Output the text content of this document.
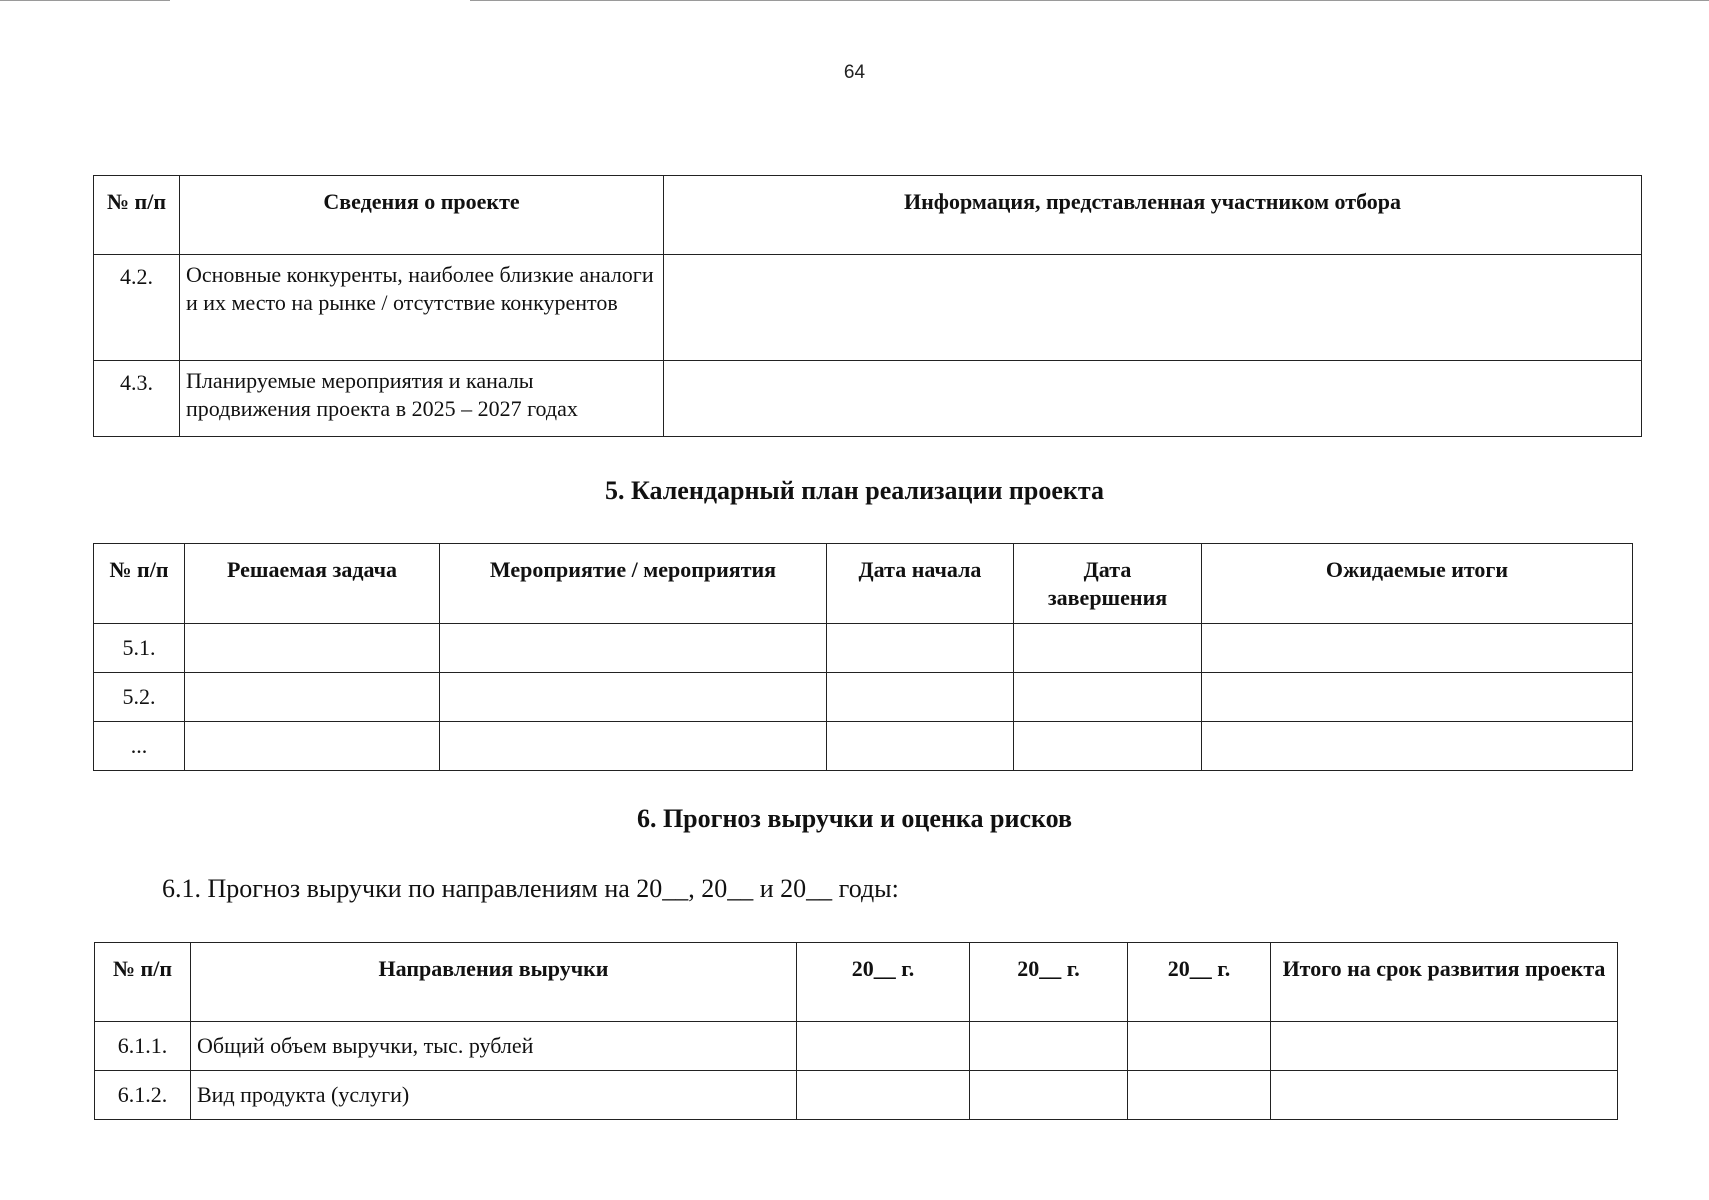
64
№ п/п	Сведения о проекте	Информация, представленная участником отбора
4.2.	Основные конкуренты, наиболее близкие аналоги и их место на рынке / отсутствие конкурентов	
4.3.	Планируемые мероприятия и каналы продвижения проекта в 2025 – 2027 годах	
5. Календарный план реализации проекта
№ п/п	Решаемая задача	Мероприятие / мероприятия	Дата начала	Дата завершения	Ожидаемые итоги
5.1.					
5.2.					
...					
6. Прогноз выручки и оценка рисков
6.1. Прогноз выручки по направлениям на 20__, 20__ и 20__ годы:
№ п/п	Направления выручки	20__ г.	20__ г.	20__ г.	Итого на срок развития проекта
6.1.1.	Общий объем выручки, тыс. рублей				
6.1.2.	Вид продукта (услуги)				
